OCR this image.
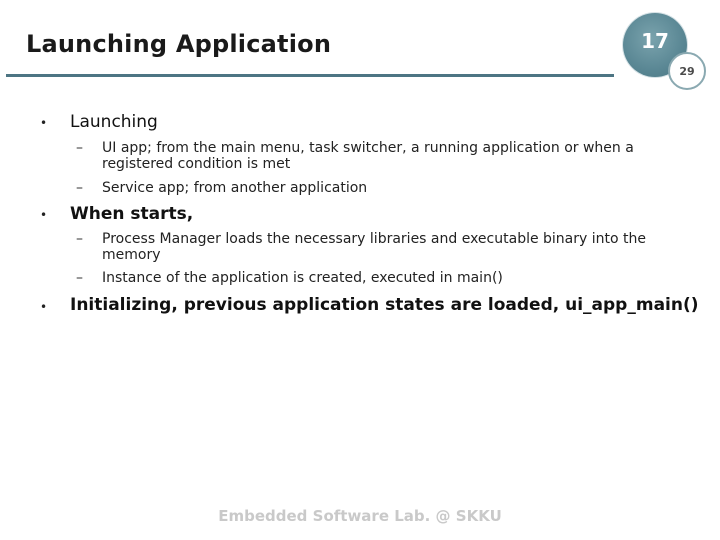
Launching Application	17
29
• Launching
– UI app; from the main menu, task switcher, a running application or when a registered condition is met
– Service app; from another application
• When starts,
– Process Manager loads the necessary libraries and executable binary into the memory
– Instance of the application is created, executed in main()
• Initializing, previous application states are loaded, ui_app_main()
Embedded Software Lab. @ SKKU
